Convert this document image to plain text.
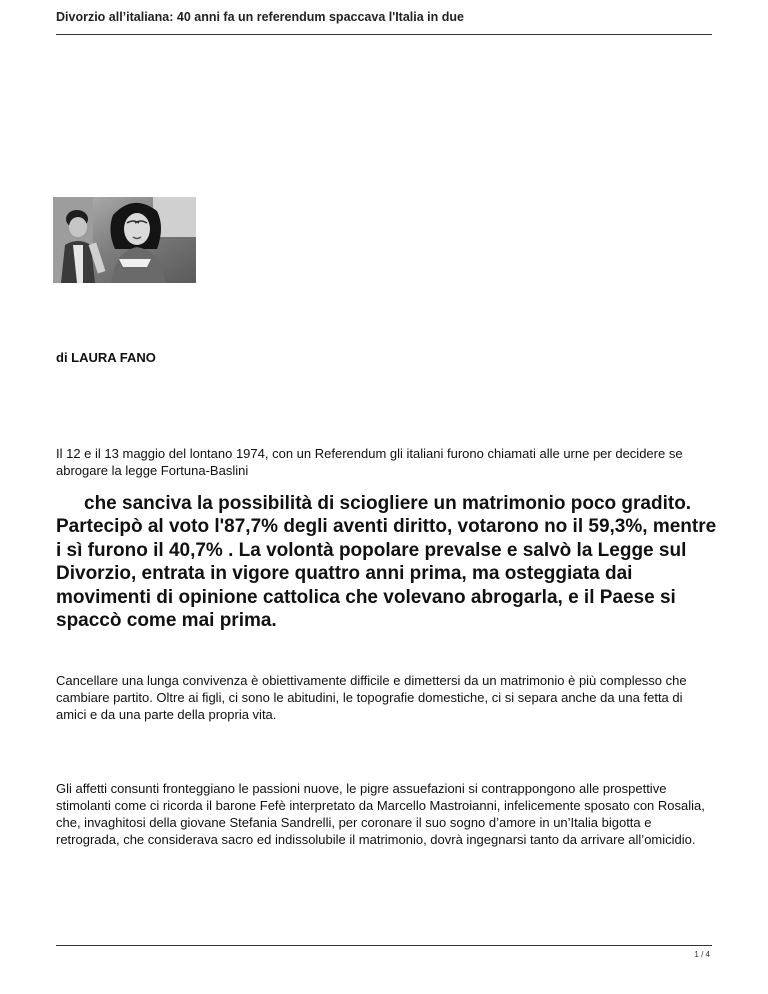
Divorzio all’italiana: 40 anni fa un referendum spaccava l'Italia in due
di LAURA FANO

Il 12 e il 13 maggio del lontano 1974, con un Referendum gli italiani furono chiamati alle urne per decidere se abrogare la legge Fortuna-Baslini

che sanciva la possibilità di sciogliere un matrimonio poco gradito. Partecipò al voto l'87,7% degli aventi diritto, votarono no il 59,3%, mentre i sì furono il 40,7% . La volontà popolare prevalse e salvò la Legge sul Divorzio, entrata in vigore quattro anni prima, ma osteggiata dai movimenti di opinione cattolica che volevano abrogarla, e il Paese si spaccò come mai prima.

Cancellare una lunga convivenza è obiettivamente difficile e dimettersi da un matrimonio è più complesso che cambiare partito. Oltre ai figli, ci sono le abitudini, le topografie domestiche, ci si separa anche da una fetta di amici e da una parte della propria vita.

Gli affetti consunti fronteggiano le passioni nuove, le pigre assuefazioni si contrappongono alle prospettive stimolanti come ci ricorda il barone Fefè interpretato da Marcello Mastroianni, infelicemente sposato con Rosalia, che, invaghitosi della giovane Stefania Sandrelli, per coronare il suo sogno d’amore in un’Italia bigotta e retrograda, che considerava sacro ed indissolubile il matrimonio, dovrà ingegnarsi tanto da arrivare all’omicidio.

1 / 4
